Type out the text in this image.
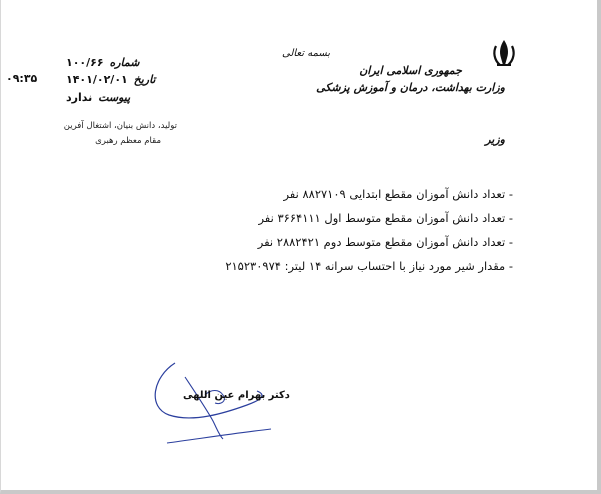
جمهوری اسلامی ایران
وزارت بهداشت، درمان و آموزش پزشکی
وزیر
بسمه تعالی
شماره ۱۰۰/۶۶
تاریخ ۱۴۰۱/۰۲/۰۱
پیوست ندارد
۰۹:۳۵
تولید، دانش بنیان، اشتغال آفرین
مقام معظم رهبری
- تعداد دانش آموزان مقطع ابتدایی ۸۸۲۷۱۰۹ نفر
- تعداد دانش آموزان مقطع متوسط اول ۳۶۶۴۱۱۱ نفر
- تعداد دانش آموزان مقطع متوسط دوم ۲۸۸۲۴۲۱ نفر
- مقدار شیر مورد نیاز با احتساب سرانه ۱۴ لیتر: ۲۱۵۲۳۰۹۷۴
دکتر بهرام عین اللهی
